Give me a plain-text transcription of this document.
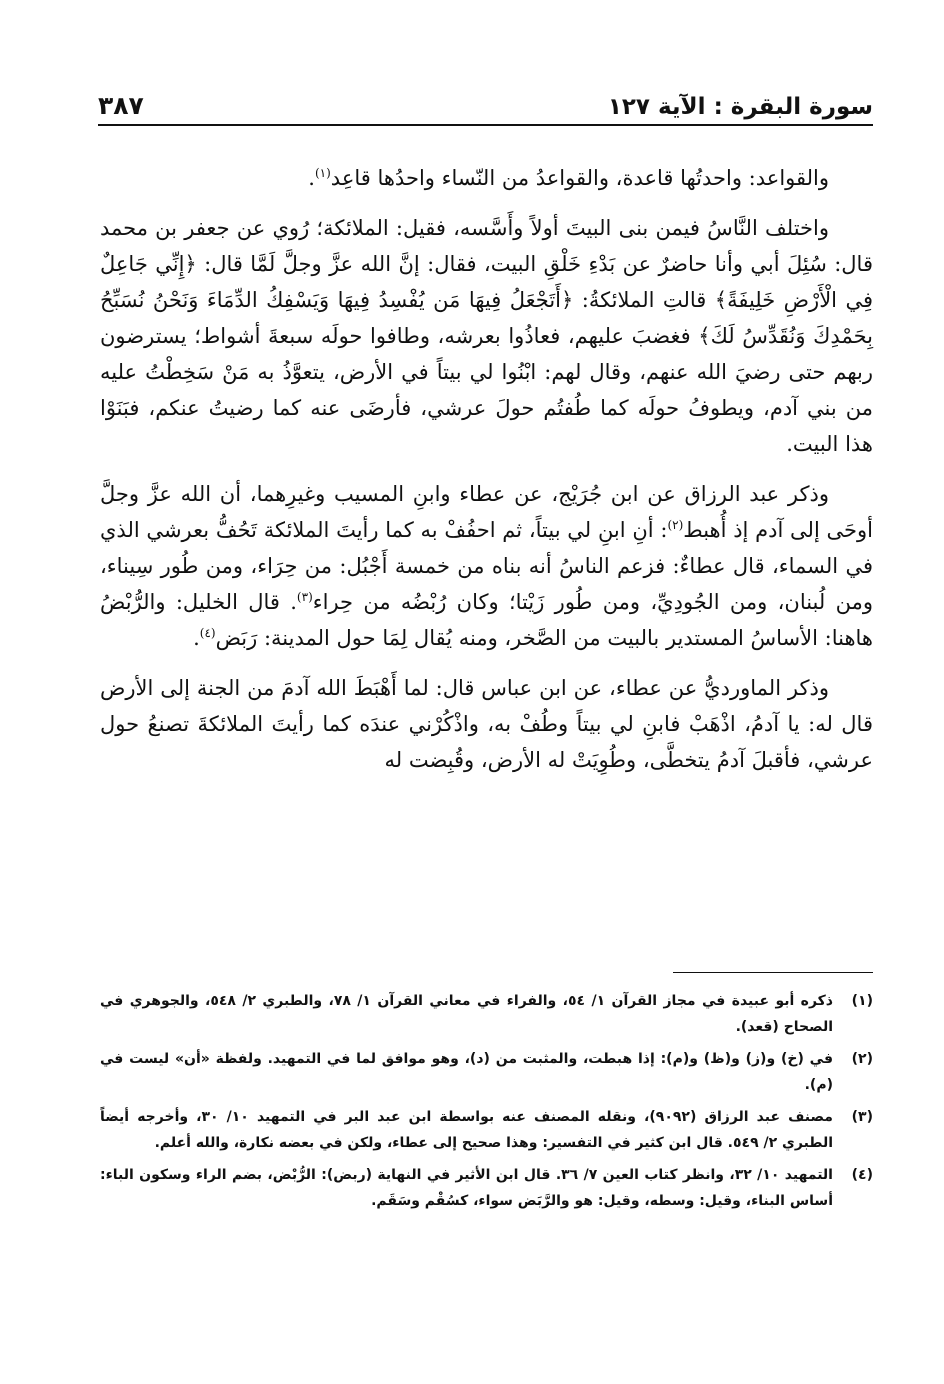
سورة البقرة : الآية ١٢٧
٣٨٧

والقواعد: واحدتُها قاعدة، والقواعدُ من النّساء واحدُها قاعِد$^{(١)}$.

واختلف النَّاسُ فيمن بنى البيتَ أولاً وأَسَّسه، فقيل: الملائكة؛ رُوي عن جعفر بن محمد قال: سُئِلَ أبي وأنا حاضرٌ عن بَدْءِ خَلْقِ البيت، فقال: إنَّ الله عزَّ وجلَّ لَمَّا قال: ﴿إِنِّي جَاعِلٌ فِي الْأَرْضِ خَلِيفَةً﴾ قالتِ الملائكةُ: ﴿أَتَجْعَلُ فِيهَا مَن يُفْسِدُ فِيهَا وَيَسْفِكُ الدِّمَاءَ وَنَحْنُ نُسَبِّحُ بِحَمْدِكَ وَنُقَدِّسُ لَكَ﴾ فغضبَ عليهم، فعاذُوا بعرشه، وطافوا حولَه سبعةَ أشواط؛ يسترضون ربهم حتى رضيَ الله عنهم، وقال لهم: ابْنُوا لي بيتاً في الأرض، يتعوَّذُ به مَنْ سَخِطْتُ عليه من بني آدم، ويطوفُ حولَه كما طُفتُم حولَ عرشي، فأرضَى عنه كما رضيتُ عنكم، فبَنَوْا هذا البيت.

وذكر عبد الرزاق عن ابن جُرَيْج، عن عطاء وابنِ المسيب وغيرِهما، أن الله عزَّ وجلَّ أوحَى إلى آدم إذ أُهبط$^{(٢)}$: أنِ ابنِ لي بيتاً، ثم احفُفْ به كما رأيتَ الملائكة تَحُفُّ بعرشي الذي في السماء، قال عطاءٌ: فزعم الناسُ أنه بناه من خمسة أَجْبُل: من حِرَاء، ومن طُور سِيناء، ومن لُبنان، ومن الجُودِيِّ، ومن طُور زَيْتا؛ وكان رُبْضُه من حِراء$^{(٣)}$. قال الخليل: والرُّبْضُ هاهنا: الأساسُ المستدير بالبيت من الصَّخر، ومنه يُقال لِمَا حول المدينة: رَبَض$^{(٤)}$.

وذكر الماورديُّ عن عطاء، عن ابن عباس قال: لما أَهْبَطَ الله آدمَ من الجنة إلى الأرض قال له: يا آدمُ، اذْهَبْ فابنِ لي بيتاً وطُفْ به، واذْكُرْني عندَه كما رأيتَ الملائكةَ تصنعُ حول عرشي، فأقبلَ آدمُ يتخطَّى، وطُوِيَتْ له الأرض، وقُبِضت له

(١)
ذكره أبو عبيدة في مجاز القرآن ١/ ٥٤، والفراء في معاني القرآن ١/ ٧٨، والطبري ٢/ ٥٤٨، والجوهري في الصحاح (قعد).
(٢)
في (خ) و(ز) و(ظ) و(م): إذا هبطت، والمثبت من (د)، وهو موافق لما في التمهيد. ولفظة «أن» ليست في (م).
(٣)
مصنف عبد الرزاق (٩٠٩٢)، ونقله المصنف عنه بواسطة ابن عبد البر في التمهيد ١٠/ ٣٠، وأخرجه أيضاً الطبري ٢/ ٥٤٩. قال ابن كثير في التفسير: وهذا صحيح إلى عطاء، ولكن في بعضه نكارة، والله أعلم.
(٤)
التمهيد ١٠/ ٣٢، وانظر كتاب العين ٧/ ٣٦. قال ابن الأثير في النهاية (ربض): الرُّبْض، بضم الراء وسكون الباء: أساس البناء، وقيل: وسطه، وقيل: هو والرَّبَض سواء، كسُقْم وسَقَم.
